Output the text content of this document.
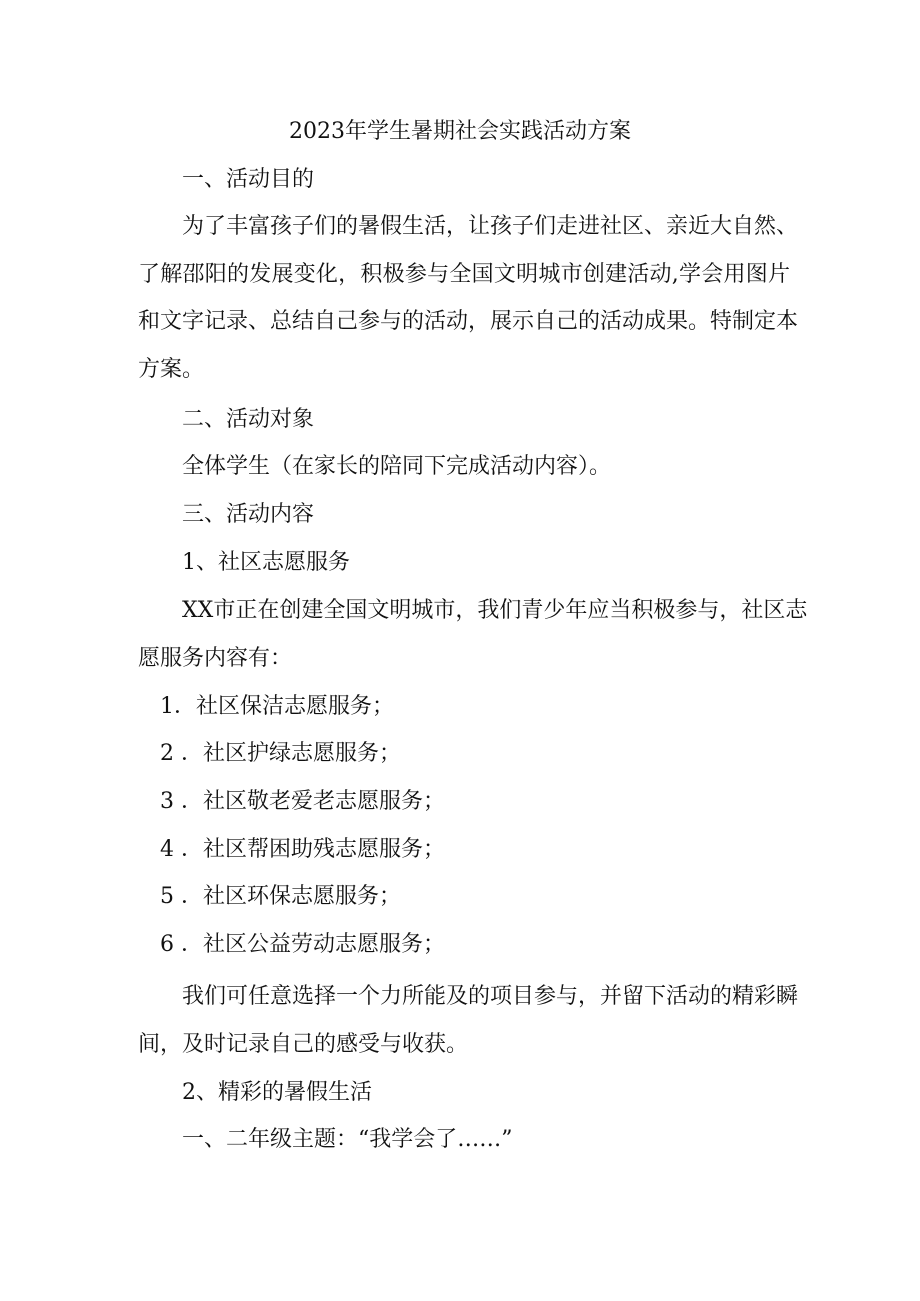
2023年学生暑期社会实践活动方案
一、活动目的
为了丰富孩子们的暑假生活，让孩子们走进社区、亲近大自然、
了解邵阳的发展变化，积极参与全国文明城市创建活动,学会用图片
和文字记录、总结自己参与的活动，展示自己的活动成果。特制定本
方案。
二、活动对象
全体学生（在家长的陪同下完成活动内容）。
三、活动内容
1、社区志愿服务
XX市正在创建全国文明城市，我们青少年应当积极参与，社区志
愿服务内容有：
1．社区保洁志愿服务；
2 ．社区护绿志愿服务；
3 ．社区敬老爱老志愿服务；
4 ．社区帮困助残志愿服务；
5 ．社区环保志愿服务；
6 ．社区公益劳动志愿服务；
我们可任意选择一个力所能及的项目参与，并留下活动的精彩瞬
间，及时记录自己的感受与收获。
2、精彩的暑假生活
一、二年级主题：“我学会了……”
